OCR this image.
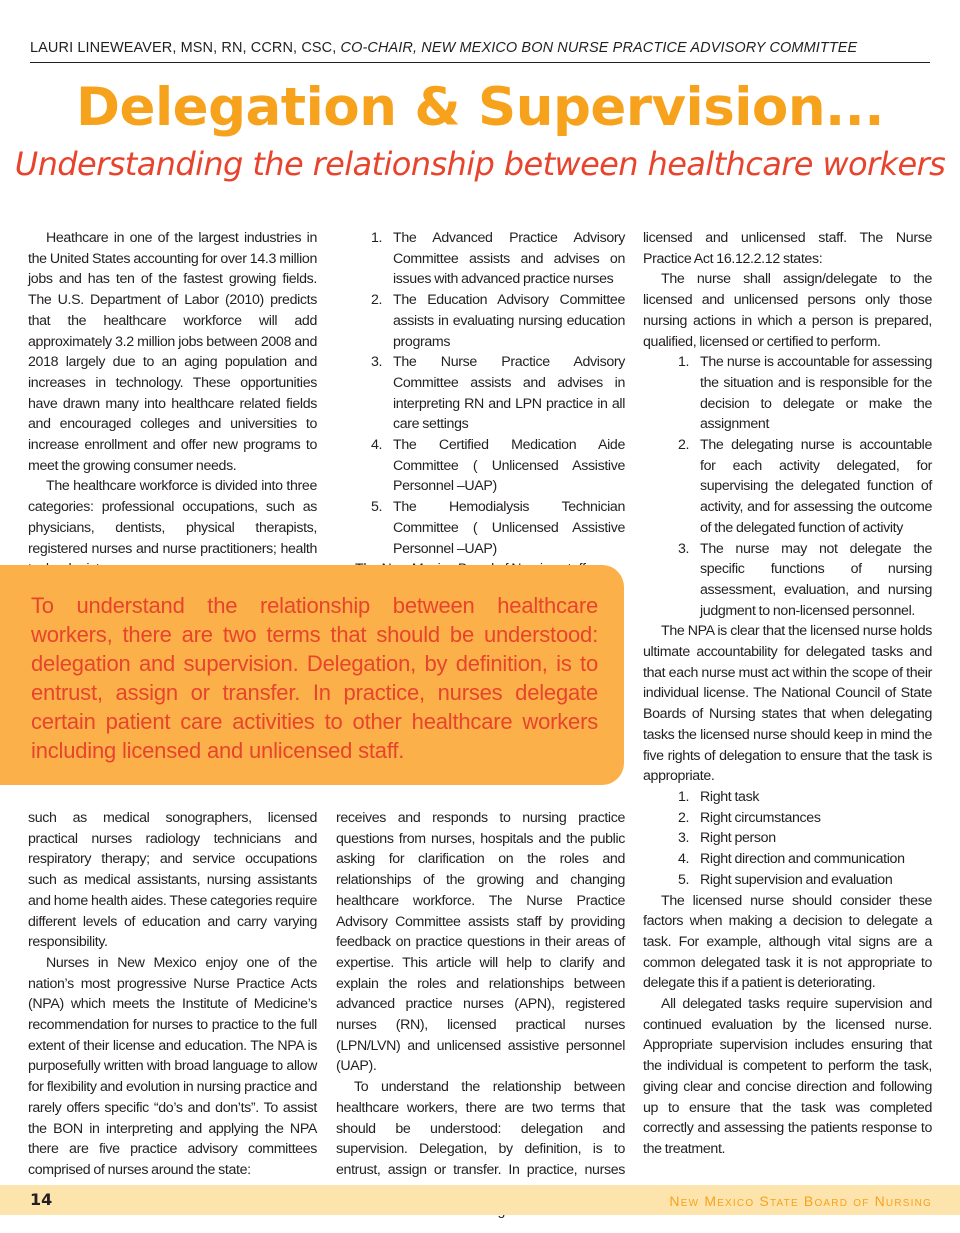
LAURI LINEWEAVER, MSN, RN, CCRN, CSC, CO-CHAIR, NEW MEXICO BON NURSE PRACTICE ADVISORY COMMITTEE
Delegation & Supervision...
Understanding the relationship between healthcare workers

Heathcare in one of the largest industries in the United States accounting for over 14.3 million jobs and has ten of the fastest growing fields. The U.S. Department of Labor (2010) predicts that the healthcare workforce will add approximately 3.2 million jobs between 2008 and 2018 largely due to an aging population and increases in technology. These opportunities have drawn many into healthcare related fields and encouraged colleges and universities to increase enrollment and offer new programs to meet the growing consumer needs.

The healthcare workforce is divided into three categories: professional occupations, such as physicians, dentists, physical therapists, registered nurses and nurse practitioners; health

1. The Advanced Practice Advisory Committee assists and advises on issues with advanced practice nurses
2. The Education Advisory Committee assists in evaluating nursing education programs
3. The Nurse Practice Advisory Committee assists and advises in interpreting RN and LPN practice in all care settings
4. The Certified Medication Aide Committee ( Unlicensed Assistive Personnel –UAP)
5. The Hemodialysis Technician Committee ( Unlicensed Assistive Personnel –UAP)

licensed and unlicensed staff. The Nurse Practice Act 16.12.2.12 states:

The nurse shall assign/delegate to the licensed and unlicensed persons only those nursing actions in which a person is prepared, qualified, licensed or certified to perform.

1. The nurse is accountable for assessing the situation and is responsible for the decision to delegate or make the assignment
2. The delegating nurse is accountable for each activity delegated, for supervising the delegated function of activity, and for assessing the outcome of the delegated function of activity
3. The nurse may not delegate the specific functions of nursing assessment, evaluation, and nursing judgment to non-licensed personnel.

The NPA is clear that the licensed nurse holds ultimate accountability for delegated tasks and that each nurse must act within the scope of their individual license. The National Council of State Boards of Nursing states that when delegating tasks the licensed nurse should keep in mind the five rights of delegation to ensure that the task is appropriate.

1. Right task
2. Right circumstances
3. Right person
4. Right direction and communication
5. Right supervision and evaluation

The licensed nurse should consider these factors when making a decision to delegate a task. For example, although vital signs are a common delegated task it is not appropriate to delegate this if a patient is deteriorating.

All delegated tasks require supervision and continued evaluation by the licensed nurse. Appropriate supervision includes ensuring that the individual is competent to perform the task, giving clear and concise direction and following up to ensure that the task was completed correctly and assessing the patients response to the treatment.

To understand the relationship between healthcare workers, there are two terms that should be understood: delegation and supervision. Delegation, by definition, is to entrust, assign or transfer. In practice, nurses delegate certain patient care activities to other healthcare workers including licensed and unlicensed staff.

such as medical sonographers, licensed practical nurses radiology technicians and respiratory therapy; and service occupations such as medical assistants, nursing assistants and home health aides. These categories require different levels of education and carry varying responsibility.

Nurses in New Mexico enjoy one of the nation’s most progressive Nurse Practice Acts (NPA) which meets the Institute of Medicine’s recommendation for nurses to practice to the full extent of their license and education. The NPA is purposefully written with broad language to allow for flexibility and evolution in nursing practice and rarely offers specific “do’s and don’ts”. To assist the BON in interpreting and applying the NPA there are five practice advisory committees comprised of nurses around the state:

receives and responds to nursing practice questions from nurses, hospitals and the public asking for clarification on the roles and relationships of the growing and changing healthcare workforce. The Nurse Practice Advisory Committee assists staff by providing feedback on practice questions in their areas of expertise. This article will help to clarify and explain the roles and relationships between advanced practice nurses (APN), registered nurses (RN), licensed practical nurses (LPN/LVN) and unlicensed assistive personnel (UAP).

To understand the relationship between healthcare workers, there are two terms that should be understood: delegation and supervision. Delegation, by definition, is to entrust, assign or transfer. In practice, nurses

14	New Mexico State Board of Nursing
